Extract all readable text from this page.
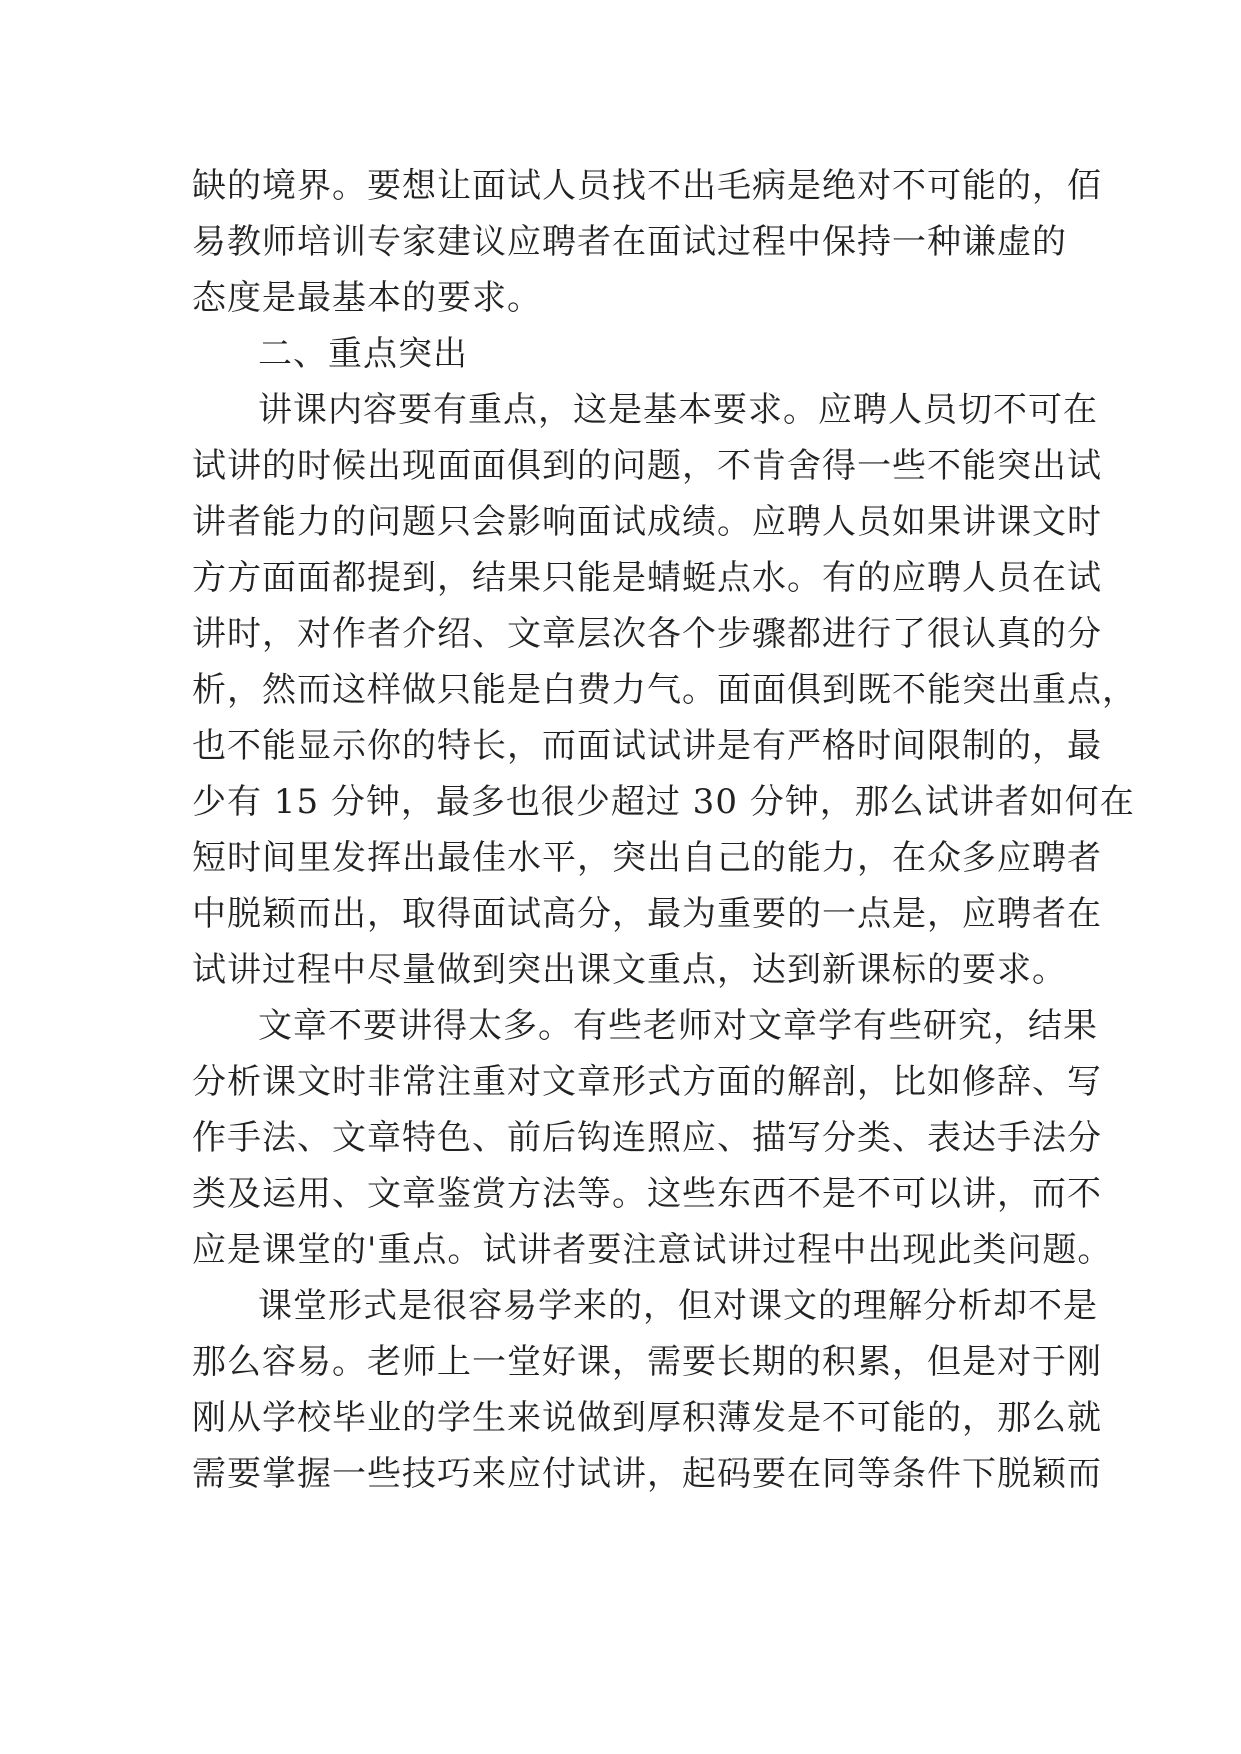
缺的境界。要想让面试人员找不出毛病是绝对不可能的，佰
易教师培训专家建议应聘者在面试过程中保持一种谦虚的
态度是最基本的要求。
二、重点突出
讲课内容要有重点，这是基本要求。应聘人员切不可在
试讲的时候出现面面俱到的问题，不肯舍得一些不能突出试
讲者能力的问题只会影响面试成绩。应聘人员如果讲课文时
方方面面都提到，结果只能是蜻蜓点水。有的应聘人员在试
讲时，对作者介绍、文章层次各个步骤都进行了很认真的分
析，然而这样做只能是白费力气。面面俱到既不能突出重点，
也不能显示你的特长，而面试试讲是有严格时间限制的，最
少有 15 分钟，最多也很少超过 30 分钟，那么试讲者如何在
短时间里发挥出最佳水平，突出自己的能力，在众多应聘者
中脱颖而出，取得面试高分，最为重要的一点是，应聘者在
试讲过程中尽量做到突出课文重点，达到新课标的要求。
文章不要讲得太多。有些老师对文章学有些研究，结果
分析课文时非常注重对文章形式方面的解剖，比如修辞、写
作手法、文章特色、前后钩连照应、描写分类、表达手法分
类及运用、文章鉴赏方法等。这些东西不是不可以讲，而不
应是课堂的'重点。试讲者要注意试讲过程中出现此类问题。
课堂形式是很容易学来的，但对课文的理解分析却不是
那么容易。老师上一堂好课，需要长期的积累，但是对于刚
刚从学校毕业的学生来说做到厚积薄发是不可能的，那么就
需要掌握一些技巧来应付试讲，起码要在同等条件下脱颖而
